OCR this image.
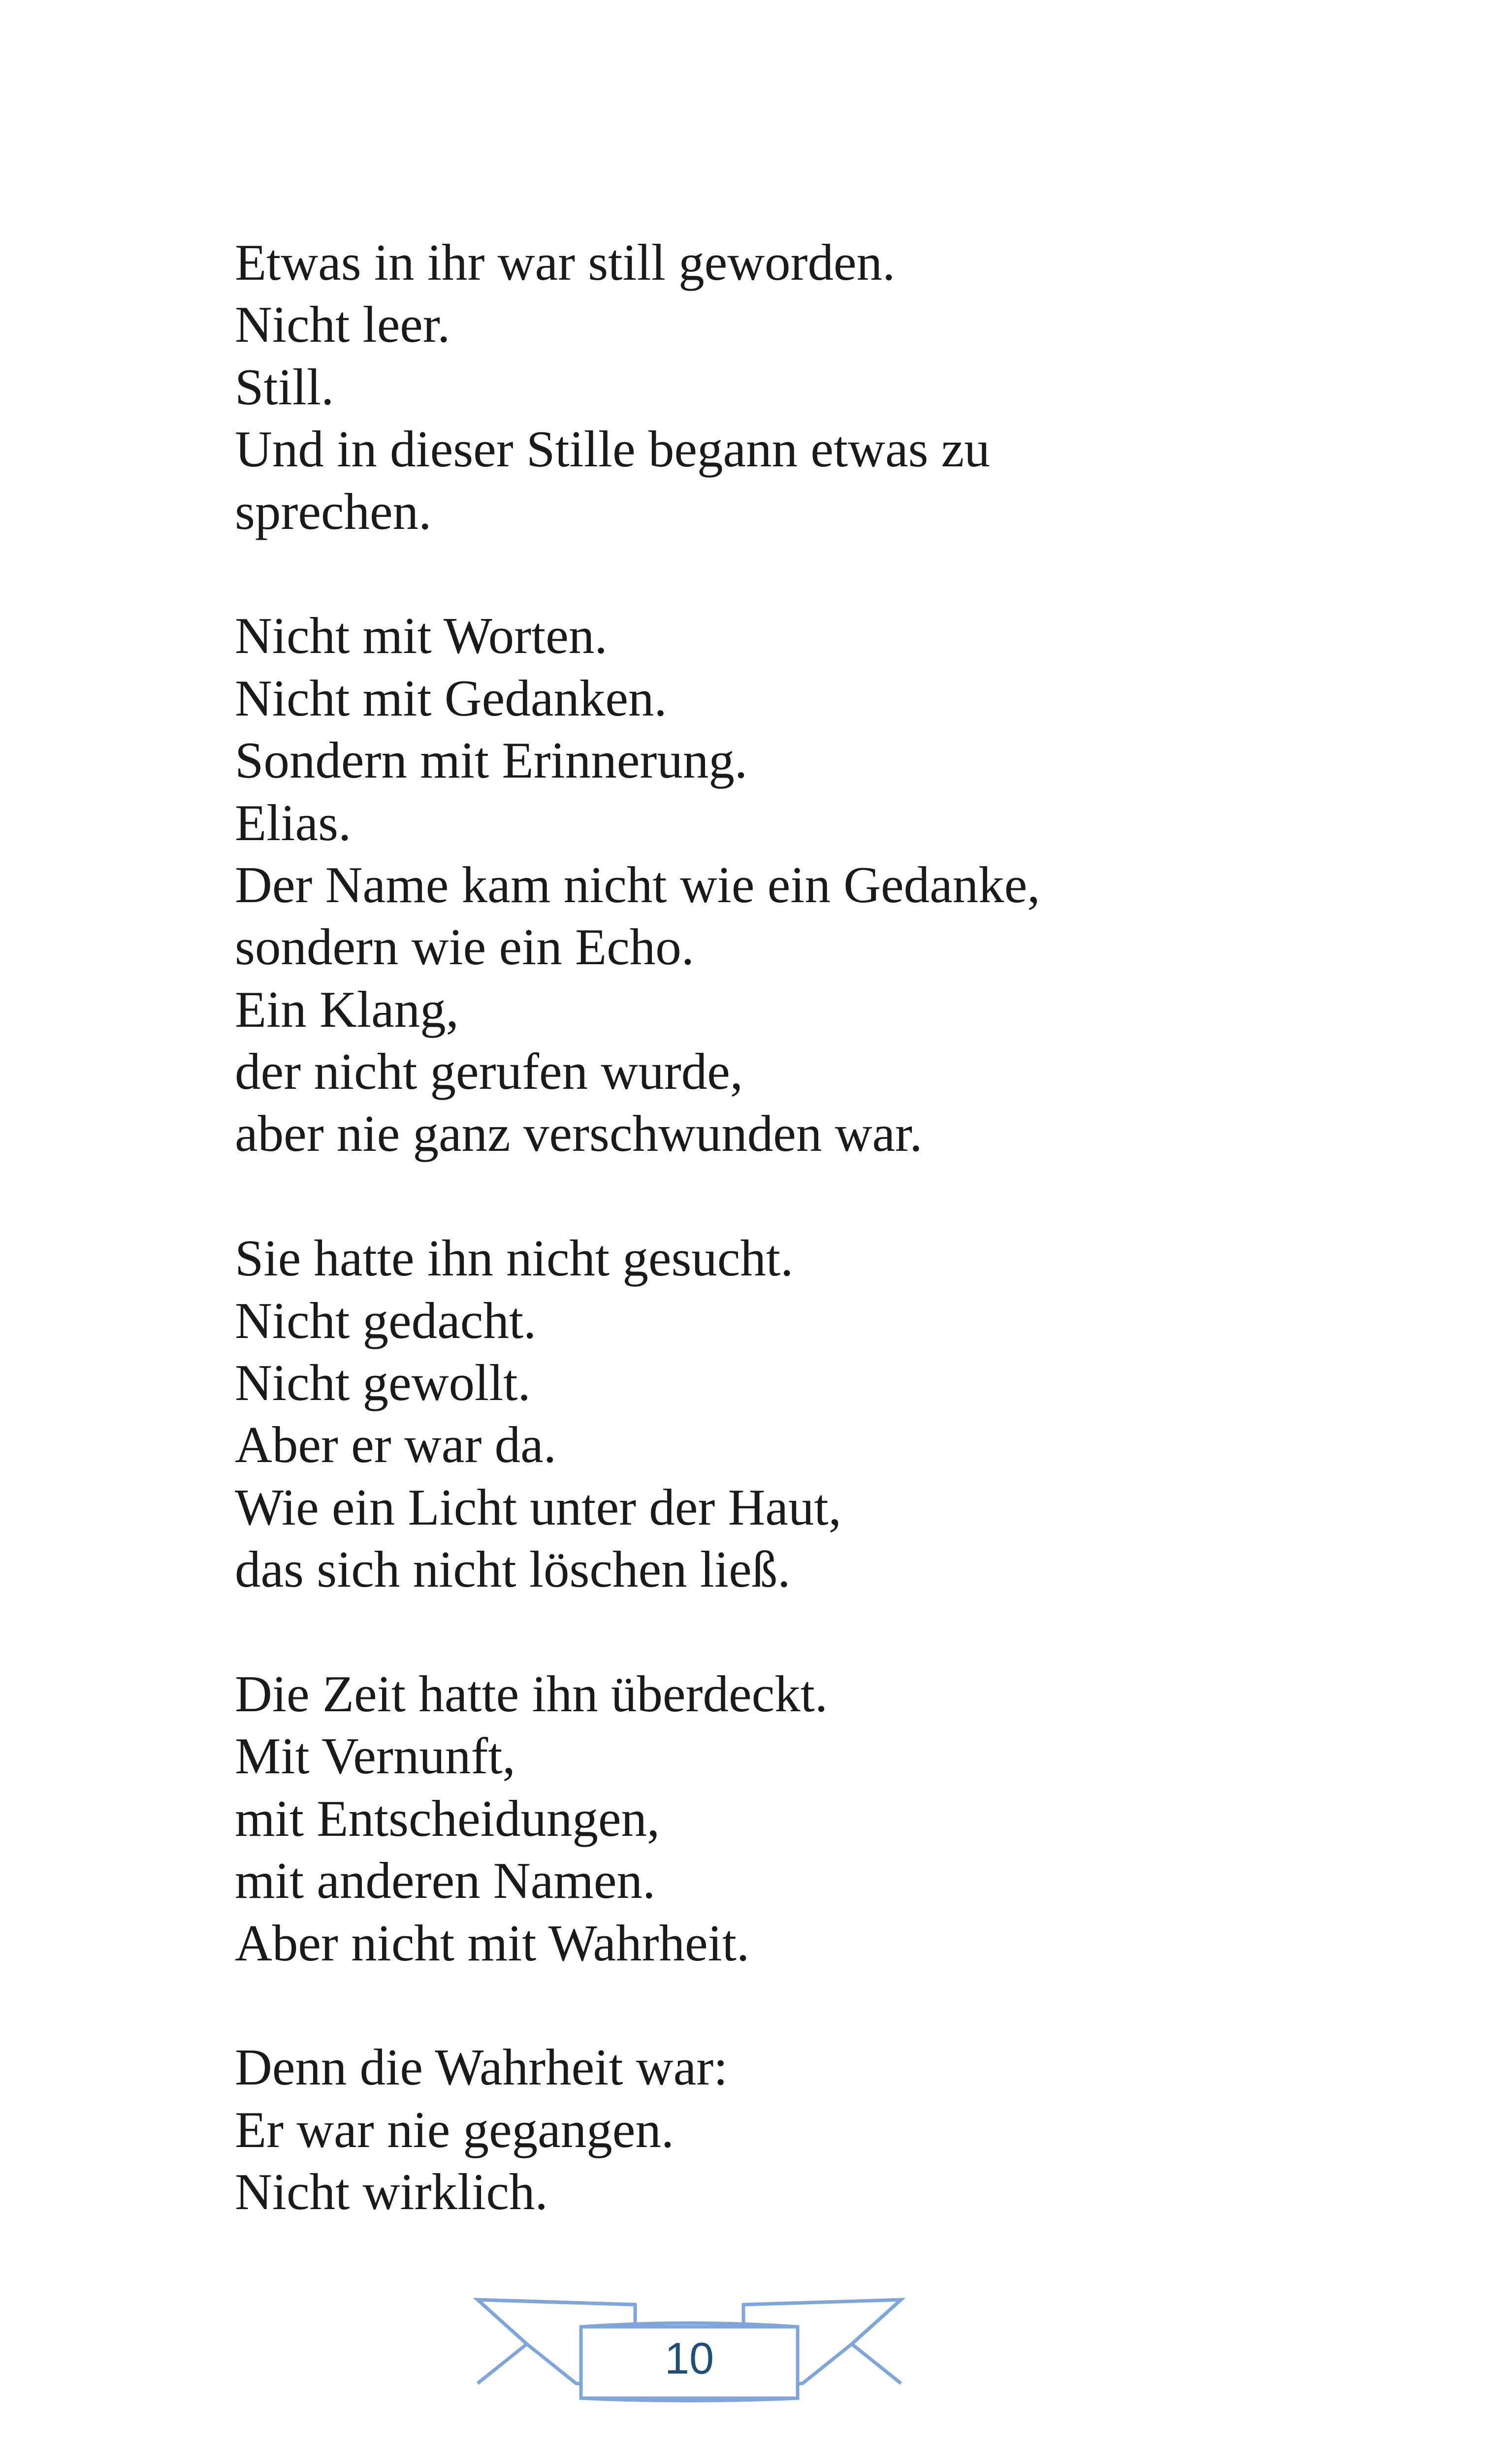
Etwas in ihr war still geworden.
Nicht leer.
Still.
Und in dieser Stille begann etwas zu
sprechen.
Nicht mit Worten.
Nicht mit Gedanken.
Sondern mit Erinnerung.
Elias.
Der Name kam nicht wie ein Gedanke,
sondern wie ein Echo.
Ein Klang,
der nicht gerufen wurde,
aber nie ganz verschwunden war.
Sie hatte ihn nicht gesucht.
Nicht gedacht.
Nicht gewollt.
Aber er war da.
Wie ein Licht unter der Haut,
das sich nicht löschen ließ.
Die Zeit hatte ihn überdeckt.
Mit Vernunft,
mit Entscheidungen,
mit anderen Namen.
Aber nicht mit Wahrheit.
Denn die Wahrheit war:
Er war nie gegangen.
Nicht wirklich.
10
